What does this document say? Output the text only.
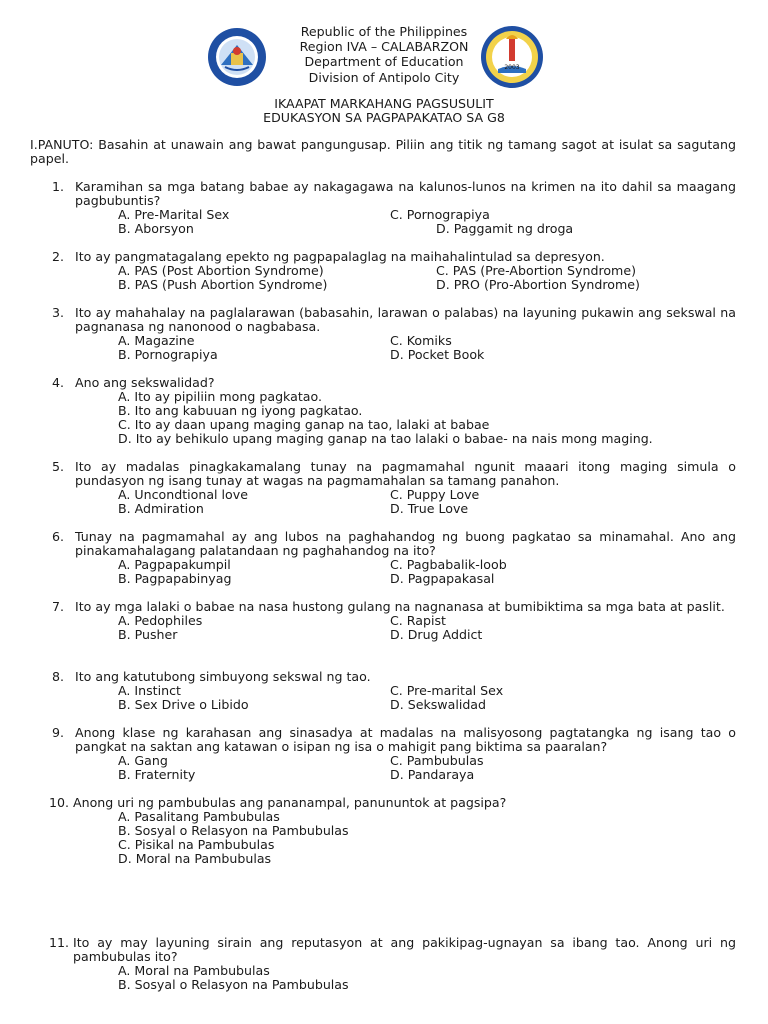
2003
Republic of the Philippines
Region IVA – CALABARZON
Department of Education
Division of Antipolo City
IKAAPAT MARKAHANG PAGSUSULIT
EDUKASYON SA PAGPAPAKATAO SA G8
I.PANUTO: Basahin at unawain ang bawat pangungusap. Piliin ang titik ng tamang sagot at isulat sa sagutang papel.
1. Karamihan sa mga batang babae ay nakagagawa na kalunos-lunos na krimen na ito dahil sa maagang pagbubuntis?
A. Pre-Marital Sex	C. Pornograpiya
B. Aborsyon	D. Paggamit ng droga
2. Ito ay pangmatagalang epekto ng pagpapalaglag na maihahalintulad sa depresyon.
A. PAS (Post Abortion Syndrome)	C. PAS (Pre-Abortion Syndrome)
B. PAS (Push Abortion Syndrome)	D. PRO (Pro-Abortion Syndrome)
3. Ito ay mahahalay na paglalarawan (babasahin, larawan o palabas) na layuning pukawin ang sekswal na pagnanasa ng nanonood o nagbabasa.
A. Magazine	C. Komiks
B. Pornograpiya	D. Pocket Book
4. Ano ang sekswalidad?
A. Ito ay pipiliin mong pagkatao.
B. Ito ang kabuuan ng iyong pagkatao.
C. Ito ay daan upang maging ganap na tao, lalaki at babae
D. Ito ay behikulo upang maging ganap na tao lalaki o babae- na nais mong maging.
5. Ito ay madalas pinagkakamalang tunay na pagmamahal ngunit maaari itong maging simula o pundasyon ng isang tunay at wagas na pagmamahalan sa tamang panahon.
A. Uncondtional love	C. Puppy Love
B. Admiration	D. True Love
6. Tunay na pagmamahal ay ang lubos na paghahandog ng buong pagkatao sa minamahal. Ano ang pinakamahalagang palatandaan ng paghahandog na ito?
A. Pagpapakumpil	C. Pagbabalik-loob
B. Pagpapabinyag	D. Pagpapakasal
7. Ito ay mga lalaki o babae na nasa hustong gulang na nagnanasa at bumibiktima sa mga bata at paslit.
A. Pedophiles	C. Rapist
B. Pusher	D. Drug Addict
8. Ito ang katutubong simbuyong sekswal ng tao.
A. Instinct	C. Pre-marital Sex
B. Sex Drive o Libido	D. Sekswalidad
9. Anong klase ng karahasan ang sinasadya at madalas na malisyosong pagtatangka ng isang tao o pangkat na saktan ang katawan o isipan ng isa o mahigit pang biktima sa paaralan?
A. Gang	C. Pambubulas
B. Fraternity	D. Pandaraya
10. Anong uri ng pambubulas ang pananampal, panununtok at pagsipa?
A. Pasalitang Pambubulas
B. Sosyal o Relasyon na Pambubulas
C. Pisikal na Pambubulas
D. Moral na Pambubulas
11. Ito ay may layuning sirain ang reputasyon at ang pakikipag-ugnayan sa ibang tao. Anong uri ng pambubulas ito?
A. Moral na Pambubulas
B. Sosyal o Relasyon na Pambubulas
